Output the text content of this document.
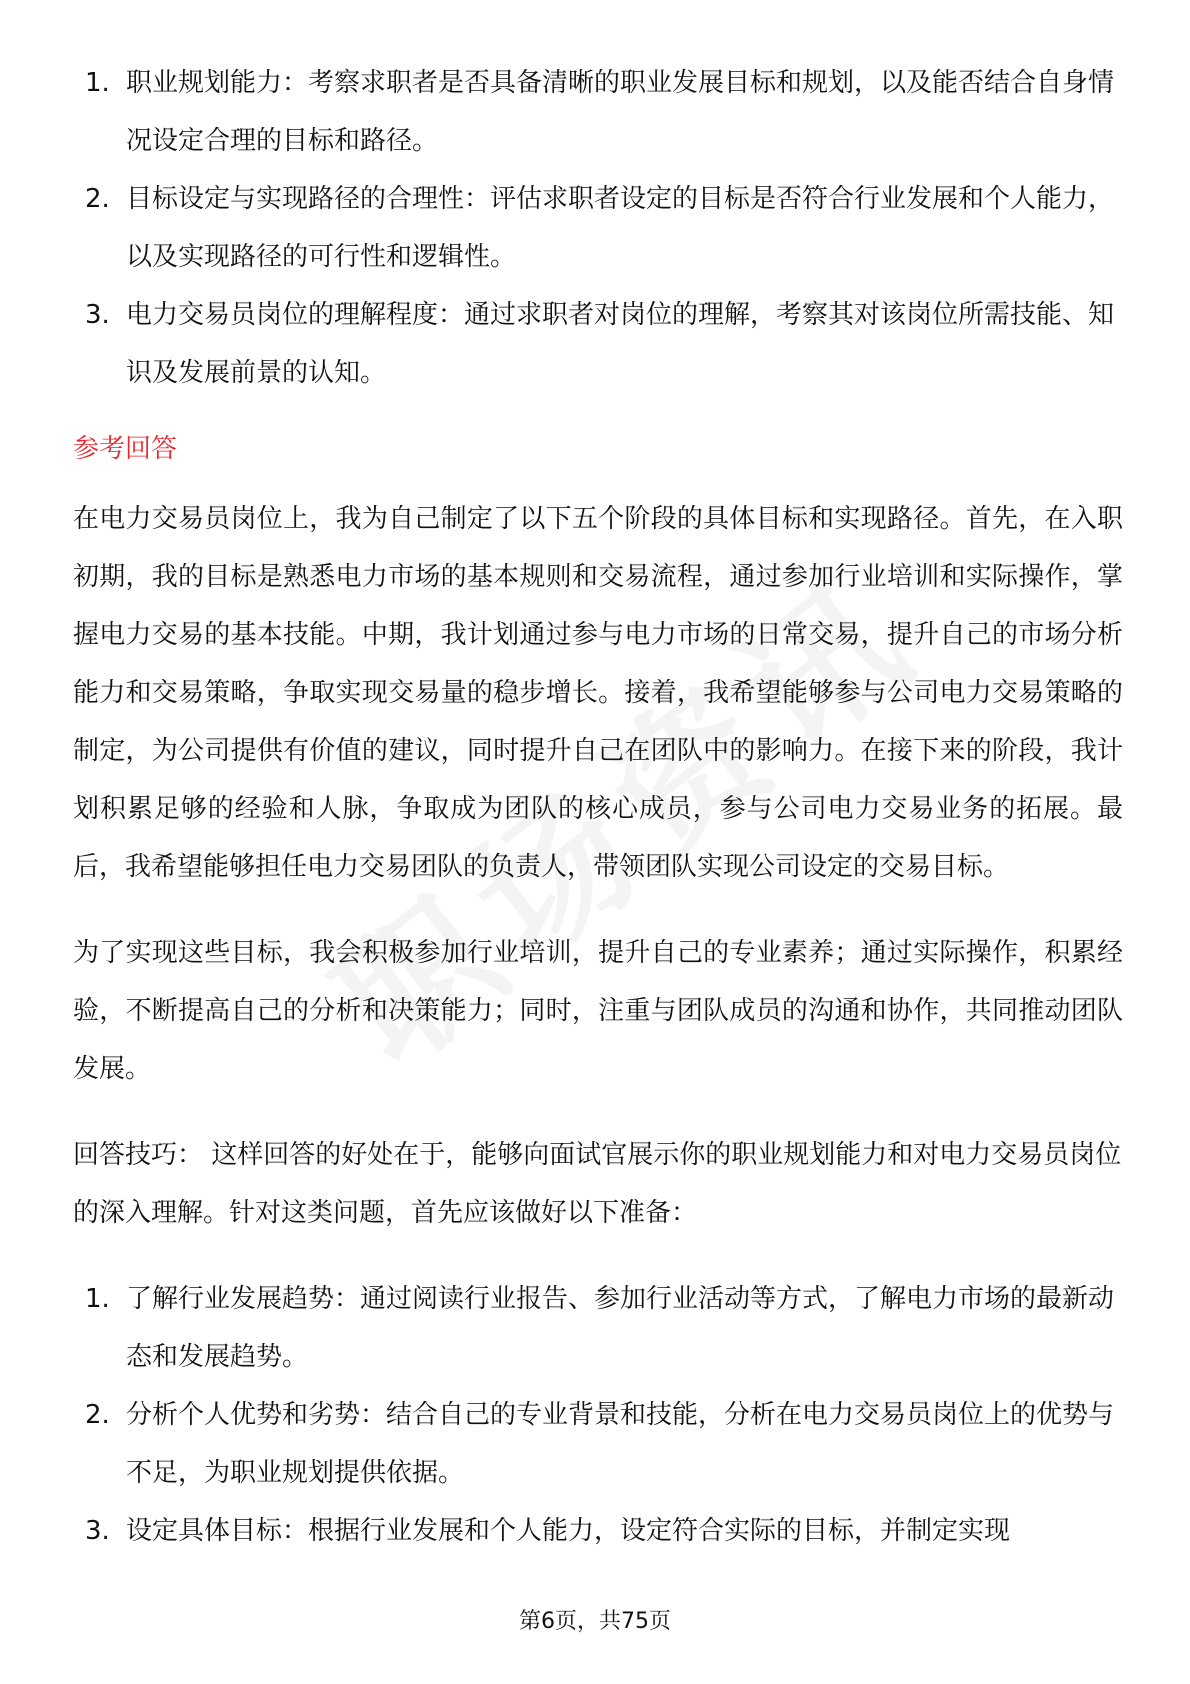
1. 职业规划能力：考察求职者是否具备清晰的职业发展目标和规划，以及能否结合自身情况设定合理的目标和路径。
2. 目标设定与实现路径的合理性：评估求职者设定的目标是否符合行业发展和个人能力，以及实现路径的可行性和逻辑性。
3. 电力交易员岗位的理解程度：通过求职者对岗位的理解，考察其对该岗位所需技能、知识及发展前景的认知。
参考回答

在电力交易员岗位上，我为自己制定了以下五个阶段的具体目标和实现路径。首先，在入职初期，我的目标是熟悉电力市场的基本规则和交易流程，通过参加行业培训和实际操作，掌握电力交易的基本技能。中期，我计划通过参与电力市场的日常交易，提升自己的市场分析能力和交易策略，争取实现交易量的稳步增长。接着，我希望能够参与公司电力交易策略的制定，为公司提供有价值的建议，同时提升自己在团队中的影响力。在接下来的阶段，我计划积累足够的经验和人脉，争取成为团队的核心成员，参与公司电力交易业务的拓展。最后，我希望能够担任电力交易团队的负责人，带领团队实现公司设定的交易目标。

为了实现这些目标，我会积极参加行业培训，提升自己的专业素养；通过实际操作，积累经验，不断提高自己的分析和决策能力；同时，注重与团队成员的沟通和协作，共同推动团队发展。

回答技巧： 这样回答的好处在于，能够向面试官展示你的职业规划能力和对电力交易员岗位的深入理解。针对这类问题，首先应该做好以下准备：

1. 了解行业发展趋势：通过阅读行业报告、参加行业活动等方式，了解电力市场的最新动态和发展趋势。
2. 分析个人优势和劣势：结合自己的专业背景和技能，分析在电力交易员岗位上的优势与不足，为职业规划提供依据。
3. 设定具体目标：根据行业发展和个人能力，设定符合实际的目标，并制定实现
第6页，共75页
